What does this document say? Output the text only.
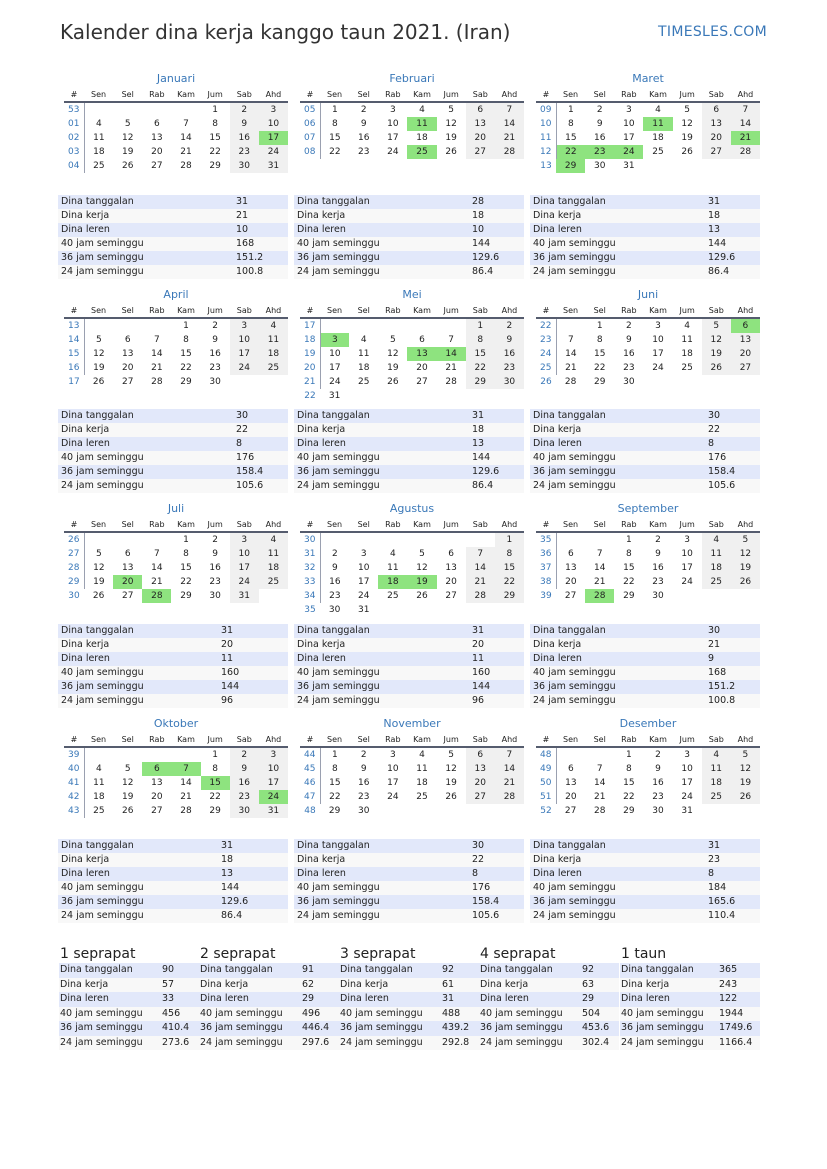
Kalender dina kerja kanggo taun 2021. (Iran)	TIMESLES.COM
Januari
#	Sen	Sel	Rab	Kam	Jum	Sab	Ahd
53					1	2	3
01	4	5	6	7	8	9	10
02	11	12	13	14	15	16	17
03	18	19	20	21	22	23	24
04	25	26	27	28	29	30	31
Dina tanggalan	31
Dina kerja	21
Dina leren	10
40 jam seminggu	168
36 jam seminggu	151.2
24 jam seminggu	100.8
Februari
#	Sen	Sel	Rab	Kam	Jum	Sab	Ahd
05	1	2	3	4	5	6	7
06	8	9	10	11	12	13	14
07	15	16	17	18	19	20	21
08	22	23	24	25	26	27	28
Dina tanggalan	28
Dina kerja	18
Dina leren	10
40 jam seminggu	144
36 jam seminggu	129.6
24 jam seminggu	86.4
Maret
#	Sen	Sel	Rab	Kam	Jum	Sab	Ahd
09	1	2	3	4	5	6	7
10	8	9	10	11	12	13	14
11	15	16	17	18	19	20	21
12	22	23	24	25	26	27	28
13	29	30	31				
Dina tanggalan	31
Dina kerja	18
Dina leren	13
40 jam seminggu	144
36 jam seminggu	129.6
24 jam seminggu	86.4
April
#	Sen	Sel	Rab	Kam	Jum	Sab	Ahd
13				1	2	3	4
14	5	6	7	8	9	10	11
15	12	13	14	15	16	17	18
16	19	20	21	22	23	24	25
17	26	27	28	29	30		
Dina tanggalan	30
Dina kerja	22
Dina leren	8
40 jam seminggu	176
36 jam seminggu	158.4
24 jam seminggu	105.6
Mei
#	Sen	Sel	Rab	Kam	Jum	Sab	Ahd
17						1	2
18	3	4	5	6	7	8	9
19	10	11	12	13	14	15	16
20	17	18	19	20	21	22	23
21	24	25	26	27	28	29	30
22	31						
Dina tanggalan	31
Dina kerja	18
Dina leren	13
40 jam seminggu	144
36 jam seminggu	129.6
24 jam seminggu	86.4
Juni
#	Sen	Sel	Rab	Kam	Jum	Sab	Ahd
22		1	2	3	4	5	6
23	7	8	9	10	11	12	13
24	14	15	16	17	18	19	20
25	21	22	23	24	25	26	27
26	28	29	30				
Dina tanggalan	30
Dina kerja	22
Dina leren	8
40 jam seminggu	176
36 jam seminggu	158.4
24 jam seminggu	105.6
Juli
#	Sen	Sel	Rab	Kam	Jum	Sab	Ahd
26				1	2	3	4
27	5	6	7	8	9	10	11
28	12	13	14	15	16	17	18
29	19	20	21	22	23	24	25
30	26	27	28	29	30	31	
Dina tanggalan	31
Dina kerja	20
Dina leren	11
40 jam seminggu	160
36 jam seminggu	144
24 jam seminggu	96
Agustus
#	Sen	Sel	Rab	Kam	Jum	Sab	Ahd
30							1
31	2	3	4	5	6	7	8
32	9	10	11	12	13	14	15
33	16	17	18	19	20	21	22
34	23	24	25	26	27	28	29
35	30	31					
Dina tanggalan	31
Dina kerja	20
Dina leren	11
40 jam seminggu	160
36 jam seminggu	144
24 jam seminggu	96
September
#	Sen	Sel	Rab	Kam	Jum	Sab	Ahd
35			1	2	3	4	5
36	6	7	8	9	10	11	12
37	13	14	15	16	17	18	19
38	20	21	22	23	24	25	26
39	27	28	29	30			
Dina tanggalan	30
Dina kerja	21
Dina leren	9
40 jam seminggu	168
36 jam seminggu	151.2
24 jam seminggu	100.8
Oktober
#	Sen	Sel	Rab	Kam	Jum	Sab	Ahd
39					1	2	3
40	4	5	6	7	8	9	10
41	11	12	13	14	15	16	17
42	18	19	20	21	22	23	24
43	25	26	27	28	29	30	31
Dina tanggalan	31
Dina kerja	18
Dina leren	13
40 jam seminggu	144
36 jam seminggu	129.6
24 jam seminggu	86.4
November
#	Sen	Sel	Rab	Kam	Jum	Sab	Ahd
44	1	2	3	4	5	6	7
45	8	9	10	11	12	13	14
46	15	16	17	18	19	20	21
47	22	23	24	25	26	27	28
48	29	30					
Dina tanggalan	30
Dina kerja	22
Dina leren	8
40 jam seminggu	176
36 jam seminggu	158.4
24 jam seminggu	105.6
Desember
#	Sen	Sel	Rab	Kam	Jum	Sab	Ahd
48			1	2	3	4	5
49	6	7	8	9	10	11	12
50	13	14	15	16	17	18	19
51	20	21	22	23	24	25	26
52	27	28	29	30	31		
Dina tanggalan	31
Dina kerja	23
Dina leren	8
40 jam seminggu	184
36 jam seminggu	165.6
24 jam seminggu	110.4
1 seprapat
Dina tanggalan	90
Dina kerja	57
Dina leren	33
40 jam seminggu	456
36 jam seminggu	410.4
24 jam seminggu	273.6
2 seprapat
Dina tanggalan	91
Dina kerja	62
Dina leren	29
40 jam seminggu	496
36 jam seminggu	446.4
24 jam seminggu	297.6
3 seprapat
Dina tanggalan	92
Dina kerja	61
Dina leren	31
40 jam seminggu	488
36 jam seminggu	439.2
24 jam seminggu	292.8
4 seprapat
Dina tanggalan	92
Dina kerja	63
Dina leren	29
40 jam seminggu	504
36 jam seminggu	453.6
24 jam seminggu	302.4
1 taun
Dina tanggalan	365
Dina kerja	243
Dina leren	122
40 jam seminggu	1944
36 jam seminggu	1749.6
24 jam seminggu	1166.4
